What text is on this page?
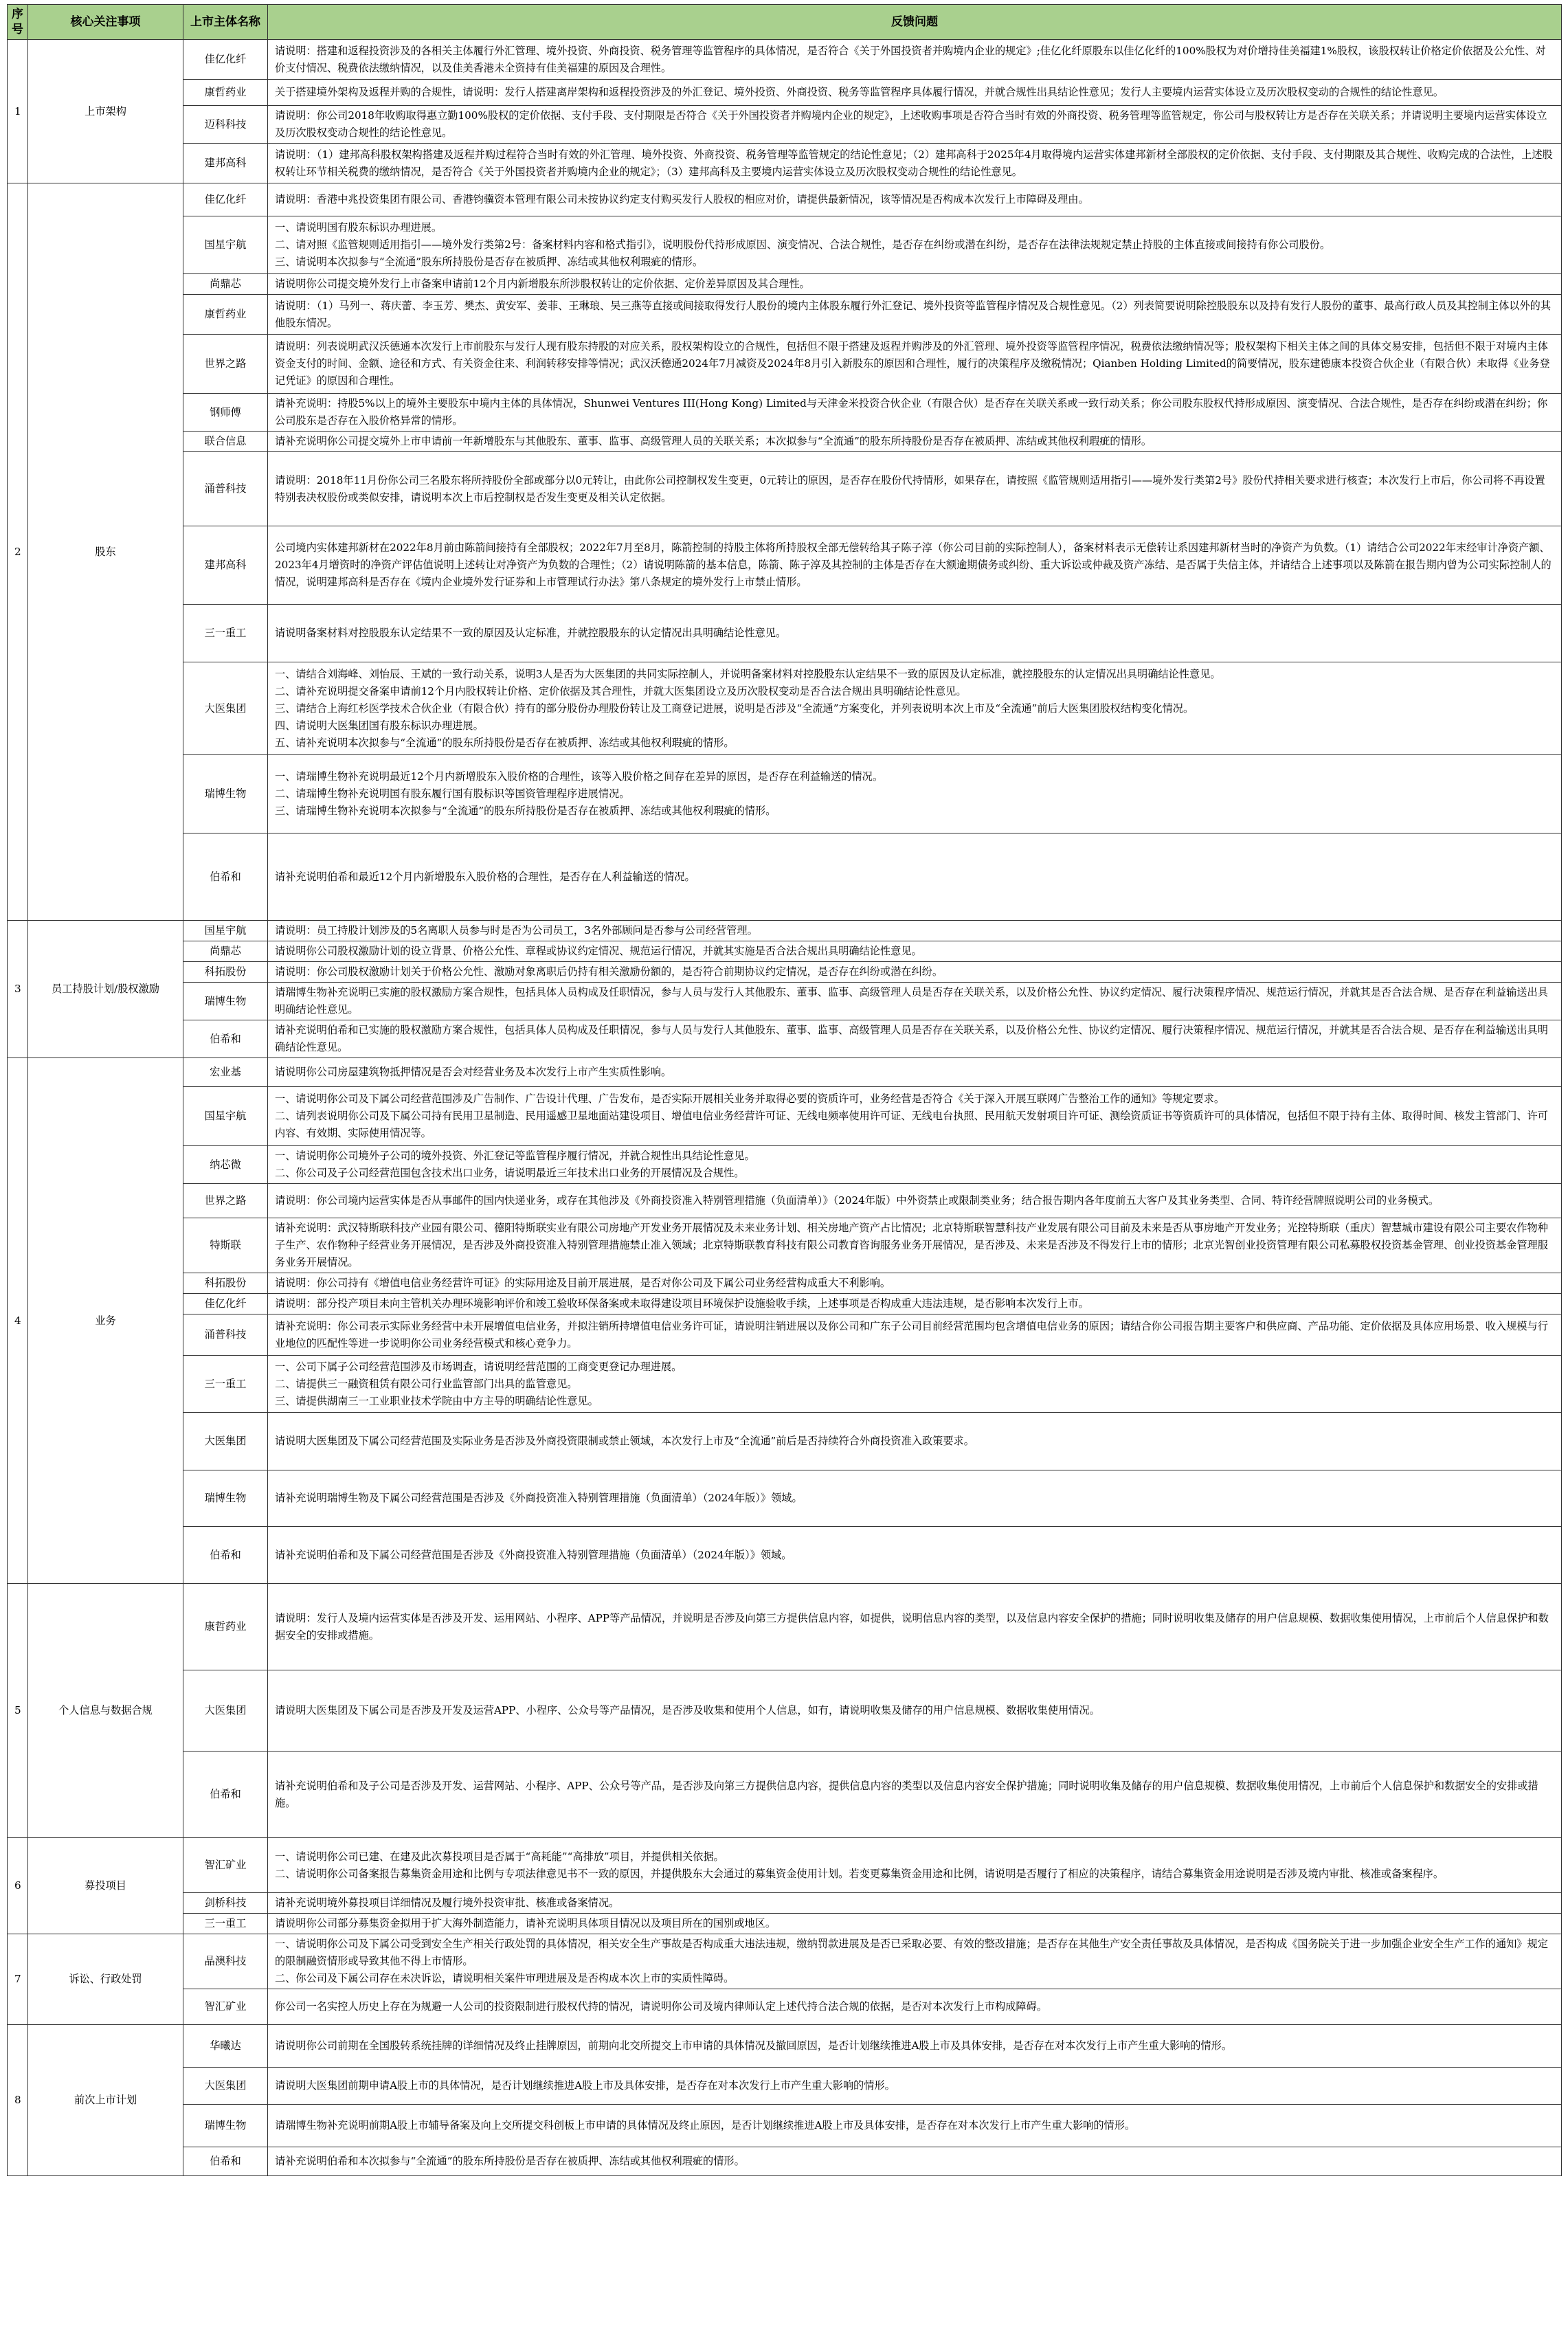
序号	核心关注事项	上市主体名称	反馈问题
1	上市架构	佳亿化纤	请说明：搭建和返程投资涉及的各相关主体履行外汇管理、境外投资、外商投资、税务管理等监管程序的具体情况，是否符合《关于外国投资者并购境内企业的规定》;佳亿化纤原股东以佳亿化纤的100%股权为对价增持佳美福建1%股权，该股权转让价格定价依据及公允性、对价支付情况、税费依法缴纳情况，以及佳美香港未全资持有佳美福建的原因及合理性。

		康哲药业	关于搭建境外架构及返程并购的合规性，请说明：发行人搭建离岸架构和返程投资涉及的外汇登记、境外投资、外商投资、税务等监管程序具体履行情况，并就合规性出具结论性意见；发行人主要境内运营实体设立及历次股权变动的合规性的结论性意见。

		迈科科技	请说明：你公司2018年收购取得惠立勤100%股权的定价依据、支付手段、支付期限是否符合《关于外国投资者并购境内企业的规定》，上述收购事项是否符合当时有效的外商投资、税务管理等监管规定，你公司与股权转让方是否存在关联关系；并请说明主要境内运营实体设立及历次股权变动合规性的结论性意见。

		建邦高科	请说明：（1）建邦高科股权架构搭建及返程并购过程符合当时有效的外汇管理、境外投资、外商投资、税务管理等监管规定的结论性意见；（2）建邦高科于2025年4月取得境内运营实体建邦新材全部股权的定价依据、支付手段、支付期限及其合规性、收购完成的合法性，上述股权转让环节相关税费的缴纳情况，是否符合《关于外国投资者并购境内企业的规定》；（3）建邦高科及主要境内运营实体设立及历次股权变动合规性的结论性意见。

2	股东	佳亿化纤	请说明：香港中兆投资集团有限公司、香港钧骥资本管理有限公司未按协议约定支付购买发行人股权的相应对价，请提供最新情况，该等情况是否构成本次发行上市障碍及理由。

		国星宇航	一、请说明国有股东标识办理进展。
二、请对照《监管规则适用指引——境外发行类第2号：备案材料内容和格式指引》，说明股份代持形成原因、演变情况、合法合规性，是否存在纠纷或潜在纠纷，是否存在法律法规规定禁止持股的主体直接或间接持有你公司股份。
三、请说明本次拟参与“全流通”股东所持股份是否存在被质押、冻结或其他权利瑕疵的情形。

		尚鼎芯	请说明你公司提交境外发行上市备案申请前12个月内新增股东所涉股权转让的定价依据、定价差异原因及其合理性。

		康哲药业	请说明：（1）马列一、蒋庆蕾、李玉芳、樊杰、黄安军、姜菲、王琳琅、吴三燕等直接或间接取得发行人股份的境内主体股东履行外汇登记、境外投资等监管程序情况及合规性意见。（2）列表简要说明除控股股东以及持有发行人股份的董事、最高行政人员及其控制主体以外的其他股东情况。

		世界之路	请说明：列表说明武汉沃德通本次发行上市前股东与发行人现有股东持股的对应关系，股权架构设立的合规性，包括但不限于搭建及返程并购涉及的外汇管理、境外投资等监管程序情况，税费依法缴纳情况等；股权架构下相关主体之间的具体交易安排，包括但不限于对境内主体资金支付的时间、金额、途径和方式、有关资金往来、利润转移安排等情况；武汉沃德通2024年7月减资及2024年8月引入新股东的原因和合理性，履行的决策程序及缴税情况；Qianben Holding Limited的简要情况，股东建德康本投资合伙企业（有限合伙）未取得《业务登记凭证》的原因和合理性。

		钢师傅	请补充说明：持股5%以上的境外主要股东中境内主体的具体情况，Shunwei Ventures III(Hong Kong) Limited与天津金米投资合伙企业（有限合伙）是否存在关联关系或一致行动关系；你公司股东股权代持形成原因、演变情况、合法合规性，是否存在纠纷或潜在纠纷；你公司股东是否存在入股价格异常的情形。

		联合信息	请补充说明你公司提交境外上市申请前一年新增股东与其他股东、董事、监事、高级管理人员的关联关系；本次拟参与“全流通”的股东所持股份是否存在被质押、冻结或其他权利瑕疵的情形。

		涌普科技	请说明：2018年11月份你公司三名股东将所持股份全部或部分以0元转让，由此你公司控制权发生变更，0元转让的原因，是否存在股份代持情形，如果存在，请按照《监管规则适用指引——境外发行类第2号》股份代持相关要求进行核查；本次发行上市后，你公司将不再设置特别表决权股份或类似安排，请说明本次上市后控制权是否发生变更及相关认定依据。

		建邦高科	公司境内实体建邦新材在2022年8月前由陈箭间接持有全部股权；2022年7月至8月，陈箭控制的持股主体将所持股权全部无偿转给其子陈子淳（你公司目前的实际控制人），备案材料表示无偿转让系因建邦新材当时的净资产为负数。（1）请结合公司2022年末经审计净资产额、2023年4月增资时的净资产评估值说明上述转让对净资产为负数的合理性；（2）请说明陈箭的基本信息，陈箭、陈子淳及其控制的主体是否存在大额逾期债务或纠纷、重大诉讼或仲裁及资产冻结、是否属于失信主体，并请结合上述事项以及陈箭在报告期内曾为公司实际控制人的情况，说明建邦高科是否存在《境内企业境外发行证券和上市管理试行办法》第八条规定的境外发行上市禁止情形。

		三一重工	请说明备案材料对控股股东认定结果不一致的原因及认定标准，并就控股股东的认定情况出具明确结论性意见。

		大医集团	一、请结合刘海峰、刘怡辰、王斌的一致行动关系，说明3人是否为大医集团的共同实际控制人，并说明备案材料对控股股东认定结果不一致的原因及认定标准，就控股股东的认定情况出具明确结论性意见。
二、请补充说明提交备案申请前12个月内股权转让价格、定价依据及其合理性，并就大医集团设立及历次股权变动是否合法合规出具明确结论性意见。
三、请结合上海红杉医学技术合伙企业（有限合伙）持有的部分股份办理股份转让及工商登记进展，说明是否涉及“全流通”方案变化，并列表说明本次上市及“全流通”前后大医集团股权结构变化情况。
四、请说明大医集团国有股东标识办理进展。
五、请补充说明本次拟参与“全流通”的股东所持股份是否存在被质押、冻结或其他权利瑕疵的情形。

		瑞博生物	一、请瑞博生物补充说明最近12个月内新增股东入股价格的合理性，该等入股价格之间存在差异的原因，是否存在利益输送的情况。
二、请瑞博生物补充说明国有股东履行国有股标识等国资管理程序进展情况。
三、请瑞博生物补充说明本次拟参与“全流通”的股东所持股份是否存在被质押、冻结或其他权利瑕疵的情形。

		伯希和	请补充说明伯希和最近12个月内新增股东入股价格的合理性，是否存在人利益输送的情况。

3	员工持股计划/股权激励	国星宇航	请说明：员工持股计划涉及的5名离职人员参与时是否为公司员工，3名外部顾问是否参与公司经营管理。

		尚鼎芯	请说明你公司股权激励计划的设立背景、价格公允性、章程或协议约定情况、规范运行情况，并就其实施是否合法合规出具明确结论性意见。

		科拓股份	请说明：你公司股权激励计划关于价格公允性、激励对象离职后仍持有相关激励份额的，是否符合前期协议约定情况，是否存在纠纷或潜在纠纷。

		瑞博生物	请瑞博生物补充说明已实施的股权激励方案合规性，包括具体人员构成及任职情况，参与人员与发行人其他股东、董事、监事、高级管理人员是否存在关联关系，以及价格公允性、协议约定情况、履行决策程序情况、规范运行情况，并就其是否合法合规、是否存在利益输送出具明确结论性意见。

		伯希和	请补充说明伯希和已实施的股权激励方案合规性，包括具体人员构成及任职情况，参与人员与发行人其他股东、董事、监事、高级管理人员是否存在关联关系，以及价格公允性、协议约定情况、履行决策程序情况、规范运行情况，并就其是否合法合规、是否存在利益输送出具明确结论性意见。

4	业务	宏业基	请说明你公司房屋建筑物抵押情况是否会对经营业务及本次发行上市产生实质性影响。

		国星宇航	一、请说明你公司及下属公司经营范围涉及广告制作、广告设计代理、广告发布，是否实际开展相关业务并取得必要的资质许可，业务经营是否符合《关于深入开展互联网广告整治工作的通知》等规定要求。
二、请列表说明你公司及下属公司持有民用卫星制造、民用遥感卫星地面站建设项目、增值电信业务经营许可证、无线电频率使用许可证、无线电台执照、民用航天发射项目许可证、测绘资质证书等资质许可的具体情况，包括但不限于持有主体、取得时间、核发主管部门、许可内容、有效期、实际使用情况等。

		纳芯微	一、请说明你公司境外子公司的境外投资、外汇登记等监管程序履行情况，并就合规性出具结论性意见。
二、你公司及子公司经营范围包含技术出口业务，请说明最近三年技术出口业务的开展情况及合规性。

		世界之路	请说明：你公司境内运营实体是否从事邮件的国内快递业务，或存在其他涉及《外商投资准入特别管理措施（负面清单）》（2024年版）中外资禁止或限制类业务；结合报告期内各年度前五大客户及其业务类型、合同、特许经营牌照说明公司的业务模式。

		特斯联	请补充说明：武汉特斯联科技产业园有限公司、德阳特斯联实业有限公司房地产开发业务开展情况及未来业务计划、相关房地产资产占比情况；北京特斯联智慧科技产业发展有限公司目前及未来是否从事房地产开发业务；光控特斯联（重庆）智慧城市建设有限公司主要农作物种子生产、农作物种子经营业务开展情况，是否涉及外商投资准入特别管理措施禁止准入领域；北京特斯联教育科技有限公司教育咨询服务业务开展情况，是否涉及、未来是否涉及不得发行上市的情形；北京光智创业投资管理有限公司私募股权投资基金管理、创业投资基金管理服务业务开展情况。

		科拓股份	请说明：你公司持有《增值电信业务经营许可证》的实际用途及目前开展进展，是否对你公司及下属公司业务经营构成重大不利影响。

		佳亿化纤	请说明：部分投产项目未向主管机关办理环境影响评价和竣工验收环保备案或未取得建设项目环境保护设施验收手续，上述事项是否构成重大违法违规，是否影响本次发行上市。

		涌普科技	请补充说明：你公司表示实际业务经营中未开展增值电信业务，并拟注销所持增值电信业务许可证，请说明注销进展以及你公司和广东子公司目前经营范围均包含增值电信业务的原因；请结合你公司报告期主要客户和供应商、产品功能、定价依据及具体应用场景、收入规模与行业地位的匹配性等进一步说明你公司业务经营模式和核心竞争力。

		三一重工	一、公司下属子公司经营范围涉及市场调查，请说明经营范围的工商变更登记办理进展。
二、请提供三一融资租赁有限公司行业监管部门出具的监管意见。
三、请提供湖南三一工业职业技术学院由中方主导的明确结论性意见。

		大医集团	请说明大医集团及下属公司经营范围及实际业务是否涉及外商投资限制或禁止领域，本次发行上市及“全流通”前后是否持续符合外商投资准入政策要求。

		瑞博生物	请补充说明瑞博生物及下属公司经营范围是否涉及《外商投资准入特别管理措施（负面清单）（2024年版）》领域。

		伯希和	请补充说明伯希和及下属公司经营范围是否涉及《外商投资准入特别管理措施（负面清单）（2024年版）》领域。

5	个人信息与数据合规	康哲药业	请说明：发行人及境内运营实体是否涉及开发、运用网站、小程序、APP等产品情况，并说明是否涉及向第三方提供信息内容，如提供，说明信息内容的类型，以及信息内容安全保护的措施；同时说明收集及储存的用户信息规模、数据收集使用情况，上市前后个人信息保护和数据安全的安排或措施。

		大医集团	请说明大医集团及下属公司是否涉及开发及运营APP、小程序、公众号等产品情况，是否涉及收集和使用个人信息，如有，请说明收集及储存的用户信息规模、数据收集使用情况。

		伯希和	请补充说明伯希和及子公司是否涉及开发、运营网站、小程序、APP、公众号等产品，是否涉及向第三方提供信息内容，提供信息内容的类型以及信息内容安全保护措施；同时说明收集及储存的用户信息规模、数据收集使用情况，上市前后个人信息保护和数据安全的安排或措施。

6	募投项目	智汇矿业	一、请说明你公司已建、在建及此次募投项目是否属于“高耗能”“高排放”项目，并提供相关依据。
二、请说明你公司备案报告募集资金用途和比例与专项法律意见书不一致的原因，并提供股东大会通过的募集资金使用计划。若变更募集资金用途和比例，请说明是否履行了相应的决策程序，请结合募集资金用途说明是否涉及境内审批、核准或备案程序。

		剑桥科技	请补充说明境外募投项目详细情况及履行境外投资审批、核准或备案情况。

		三一重工	请说明你公司部分募集资金拟用于扩大海外制造能力，请补充说明具体项目情况以及项目所在的国别或地区。

7	诉讼、行政处罚	晶澳科技	一、请说明你公司及下属公司受到安全生产相关行政处罚的具体情况，相关安全生产事故是否构成重大违法违规，缴纳罚款进展及是否已采取必要、有效的整改措施；是否存在其他生产安全责任事故及具体情况，是否构成《国务院关于进一步加强企业安全生产工作的通知》规定的限制融资情形或导致其他不得上市情形。
二、你公司及下属公司存在未决诉讼，请说明相关案件审理进展及是否构成本次上市的实质性障碍。

		智汇矿业	你公司一名实控人历史上存在为规避一人公司的投资限制进行股权代持的情况，请说明你公司及境内律师认定上述代持合法合规的依据，是否对本次发行上市构成障碍。

8	前次上市计划	华曦达	请说明你公司前期在全国股转系统挂牌的详细情况及终止挂牌原因，前期向北交所提交上市申请的具体情况及撤回原因，是否计划继续推进A股上市及具体安排，是否存在对本次发行上市产生重大影响的情形。

		大医集团	请说明大医集团前期申请A股上市的具体情况，是否计划继续推进A股上市及具体安排，是否存在对本次发行上市产生重大影响的情形。

		瑞博生物	请瑞博生物补充说明前期A股上市辅导备案及向上交所提交科创板上市申请的具体情况及终止原因，是否计划继续推进A股上市及具体安排，是否存在对本次发行上市产生重大影响的情形。

		伯希和	请补充说明伯希和本次拟参与“全流通”的股东所持股份是否存在被质押、冻结或其他权利瑕疵的情形。
